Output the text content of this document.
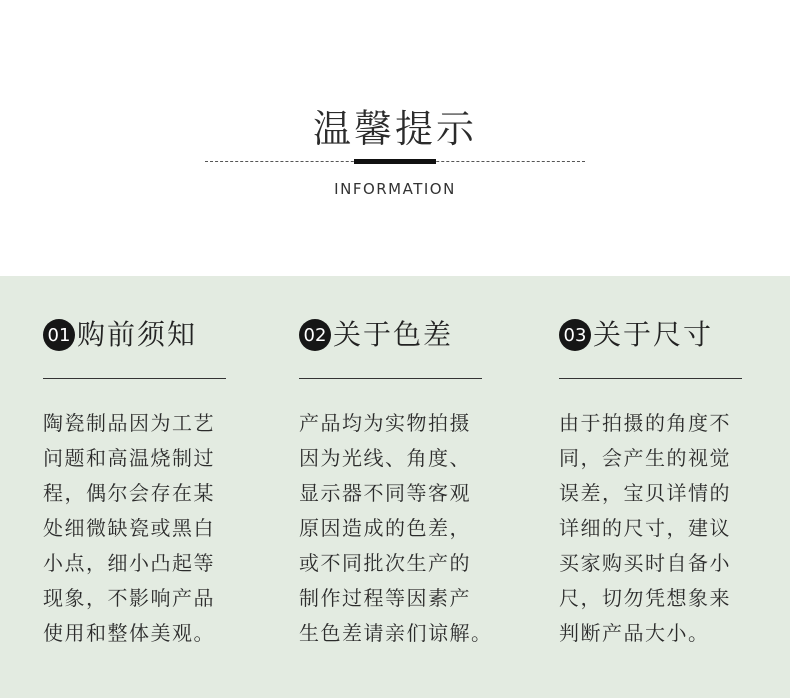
温馨提示
INFORMATION
01 购前须知
陶瓷制品因为工艺
问题和高温烧制过
程，偶尔会存在某
处细微缺瓷或黑白
小点，细小凸起等
现象，不影响产品
使用和整体美观。
02 关于色差
产品均为实物拍摄
因为光线、角度、
显示器不同等客观
原因造成的色差，
或不同批次生产的
制作过程等因素产
生色差请亲们谅解。
03 关于尺寸
由于拍摄的角度不
同，会产生的视觉
误差，宝贝详情的
详细的尺寸，建议
买家购买时自备小
尺，切勿凭想象来
判断产品大小。
